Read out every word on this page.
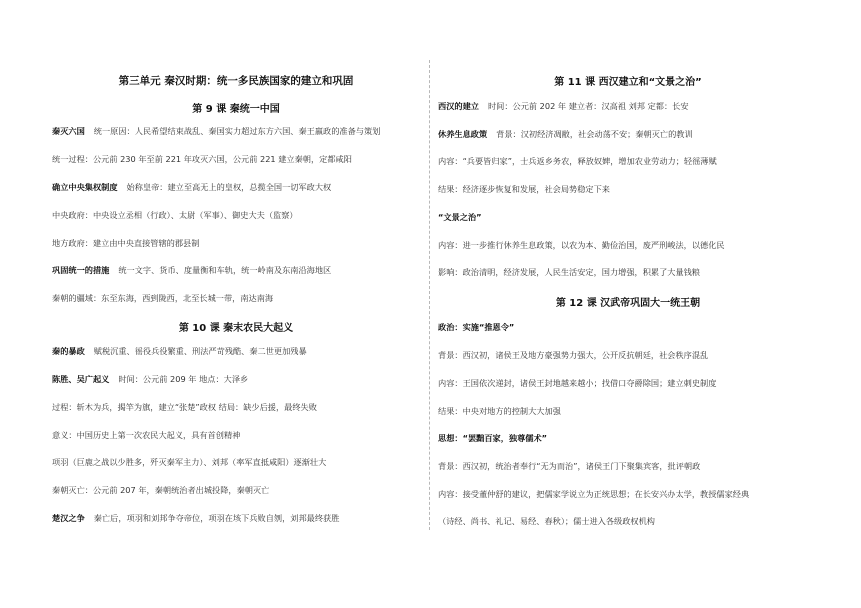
第三单元 秦汉时期：统一多民族国家的建立和巩固
第 9 课 秦统一中国
秦灭六国 统一原因：人民希望结束战乱、秦国实力超过东方六国、秦王嬴政的准备与策划
统一过程：公元前 230 年至前 221 年攻灭六国，公元前 221 建立秦朝，定都咸阳
确立中央集权制度 始称皇帝：建立至高无上的皇权，总揽全国一切军政大权
中央政府：中央设立丞相（行政）、太尉（军事）、御史大夫（监察）
地方政府：建立由中央直接管辖的郡县制
巩固统一的措施 统一文字、货币、度量衡和车轨，统一岭南及东南沿海地区
秦朝的疆域：东至东海，西到陇西，北至长城一带，南达南海
第 10 课 秦末农民大起义
秦的暴政 赋税沉重、徭役兵役繁重、刑法严苛残酷、秦二世更加残暴
陈胜、吴广起义 时间：公元前 209 年 地点：大泽乡
过程：斩木为兵，揭竿为旗，建立“张楚”政权 结局：缺少后援，最终失败
意义：中国历史上第一次农民大起义，具有首创精神
项羽（巨鹿之战以少胜多，歼灭秦军主力）、刘邦（率军直抵咸阳）逐渐壮大
秦朝灭亡：公元前 207 年，秦朝统治者出城投降，秦朝灭亡
楚汉之争 秦亡后，项羽和刘邦争夺帝位，项羽在垓下兵败自刎，刘邦最终获胜
第 11 课 西汉建立和“文景之治”
西汉的建立 时间：公元前 202 年 建立者：汉高祖 刘邦 定都：长安
休养生息政策 背景：汉初经济凋敝，社会动荡不安；秦朝灭亡的教训
内容：“兵要皆归家”，士兵返乡务农，释放奴婢，增加农业劳动力；轻徭薄赋
结果：经济逐步恢复和发展，社会局势稳定下来
“文景之治”
内容：进一步推行休养生息政策，以农为本、勤俭治国，废严刑峻法，以德化民
影响：政治清明，经济发展，人民生活安定，国力增强，积累了大量钱粮
第 12 课 汉武帝巩固大一统王朝
政治：实施“推恩令”
背景：西汉初，诸侯王及地方豪强势力强大，公开反抗朝廷，社会秩序混乱
内容：王国依次递封，诸侯王封地越来越小；找借口夺爵除国；建立刺史制度
结果：中央对地方的控制大大加强
思想：“罢黜百家，独尊儒术”
背景：西汉初，统治者奉行“无为而治”，诸侯王门下聚集宾客，批评朝政
内容：接受董仲舒的建议，把儒家学说立为正统思想；在长安兴办太学，教授儒家经典
（诗经、尚书、礼记、易经、春秋）；儒士进入各级政权机构
